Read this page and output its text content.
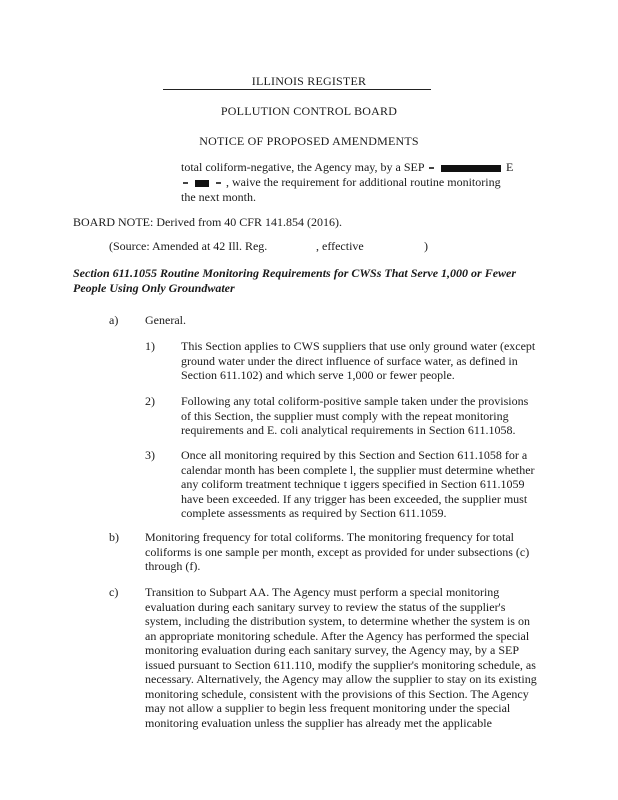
ILLINOIS REGISTER
POLLUTION CONTROL BOARD
NOTICE OF PROPOSED AMENDMENTS
total coliform-negative, the Agency may, by a SEP	E
, waive the requirement for additional routine monitoring
the next month.
BOARD NOTE: Derived from 40 CFR 141.854 (2016).
(Source: Amended at 42 Ill. Reg.	, effective	)
Section 611.1055 Routine Monitoring Requirements for CWSs That Serve 1,000 or Fewer
People Using Only Groundwater
a) General.
1) This Section applies to CWS suppliers that use only ground water (except ground water under the direct influence of surface water, as defined in Section 611.102) and which serve 1,000 or fewer people.
2) Following any total coliform-positive sample taken under the provisions of this Section, the supplier must comply with the repeat monitoring requirements and E. coli analytical requirements in Section 611.1058.
3) Once all monitoring required by this Section and Section 611.1058 for a calendar month has been complete l, the supplier must determine whether any coliform treatment technique t iggers specified in Section 611.1059 have been exceeded. If any trigger has been exceeded, the supplier must complete assessments as required by Section 611.1059.
b) Monitoring frequency for total coliforms. The monitoring frequency for total coliforms is one sample per month, except as provided for under subsections (c) through (f).
c) Transition to Subpart AA. The Agency must perform a special monitoring evaluation during each sanitary survey to review the status of the supplier's system, including the distribution system, to determine whether the system is on an appropriate monitoring schedule. After the Agency has performed the special monitoring evaluation during each sanitary survey, the Agency may, by a SEP issued pursuant to Section 611.110, modify the supplier's monitoring schedule, as necessary. Alternatively, the Agency may allow the supplier to stay on its existing monitoring schedule, consistent with the provisions of this Section. The Agency may not allow a supplier to begin less frequent monitoring under the special monitoring evaluation unless the supplier has already met the applicable
